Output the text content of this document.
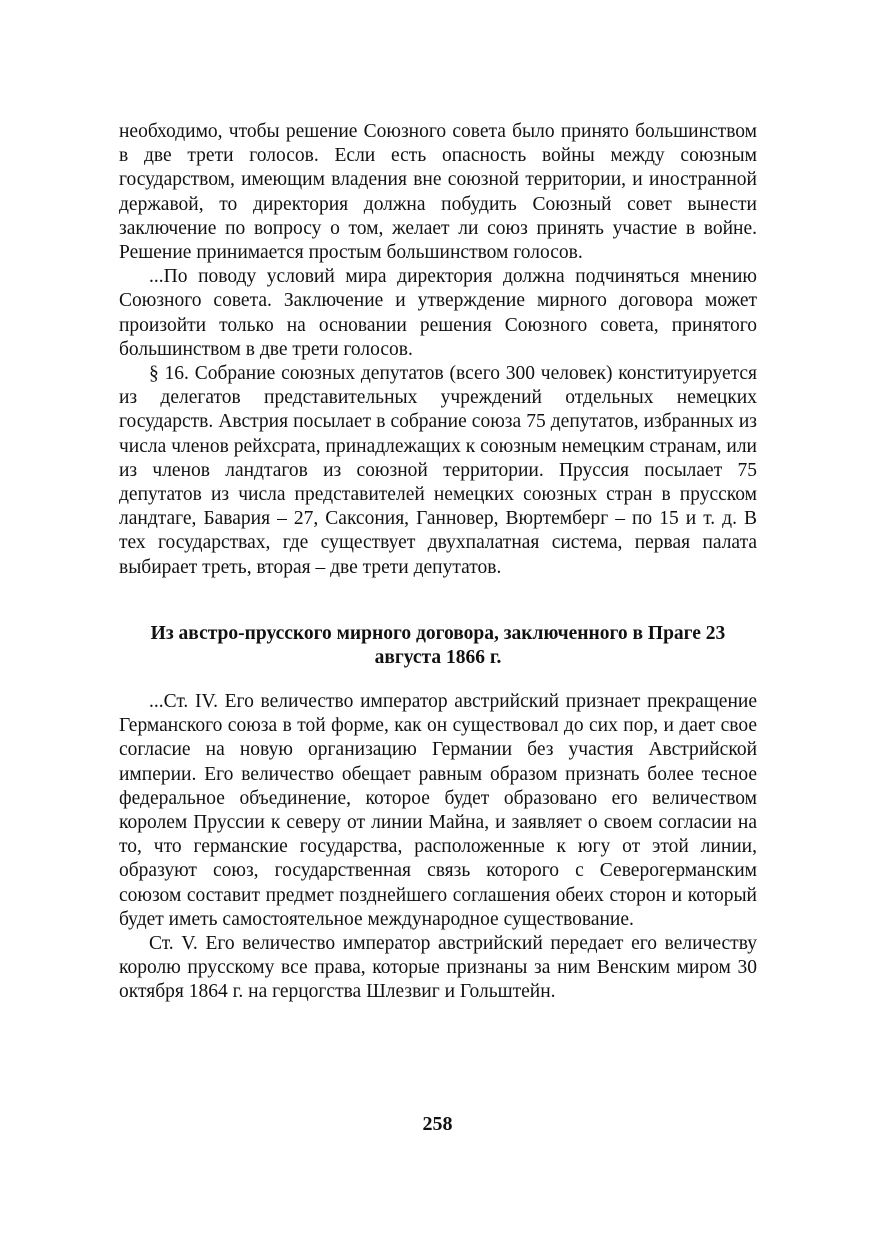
необходимо, чтобы решение Союзного совета было принято большинством в две трети голосов. Если есть опасность войны между союзным государством, имеющим владения вне союзной территории, и иностранной державой, то директория должна побудить Союзный совет вынести заключение по вопросу о том, желает ли союз принять участие в войне. Решение принимается простым большинством голосов.

...По поводу условий мира директория должна подчиняться мнению Союзного совета. Заключение и утверждение мирного договора может произойти только на основании решения Союзного совета, принятого большинством в две трети голосов.

§ 16. Собрание союзных депутатов (всего 300 человек) конституируется из делегатов представительных учреждений отдельных немецких государств. Австрия посылает в собрание союза 75 депутатов, избранных из числа членов рейхсрата, принадлежащих к союзным немецким странам, или из членов ландтагов из союзной территории. Пруссия посылает 75 депутатов из числа представителей немецких союзных стран в прусском ландтаге, Бавария – 27, Саксония, Ганновер, Вюртемберг – по 15 и т. д. В тех государствах, где существует двухпалатная система, первая палата выбирает треть, вторая – две трети депутатов.

Из австро-прусского мирного договора, заключенного в Праге 23 августа 1866 г.

...Ст. IV. Его величество император австрийский признает прекращение Германского союза в той форме, как он существовал до сих пор, и дает свое согласие на новую организацию Германии без участия Австрийской империи. Его величество обещает равным образом признать более тесное федеральное объединение, которое будет образовано его величеством королем Пруссии к северу от линии Майна, и заявляет о своем согласии на то, что германские государства, расположенные к югу от этой линии, образуют союз, государственная связь которого с Северогерманским союзом составит предмет позднейшего соглашения обеих сторон и который будет иметь самостоятельное международное существование.

Ст. V. Его величество император австрийский передает его величеству королю прусскому все права, которые признаны за ним Венским миром 30 октября 1864 г. на герцогства Шлезвиг и Гольштейн.

258
